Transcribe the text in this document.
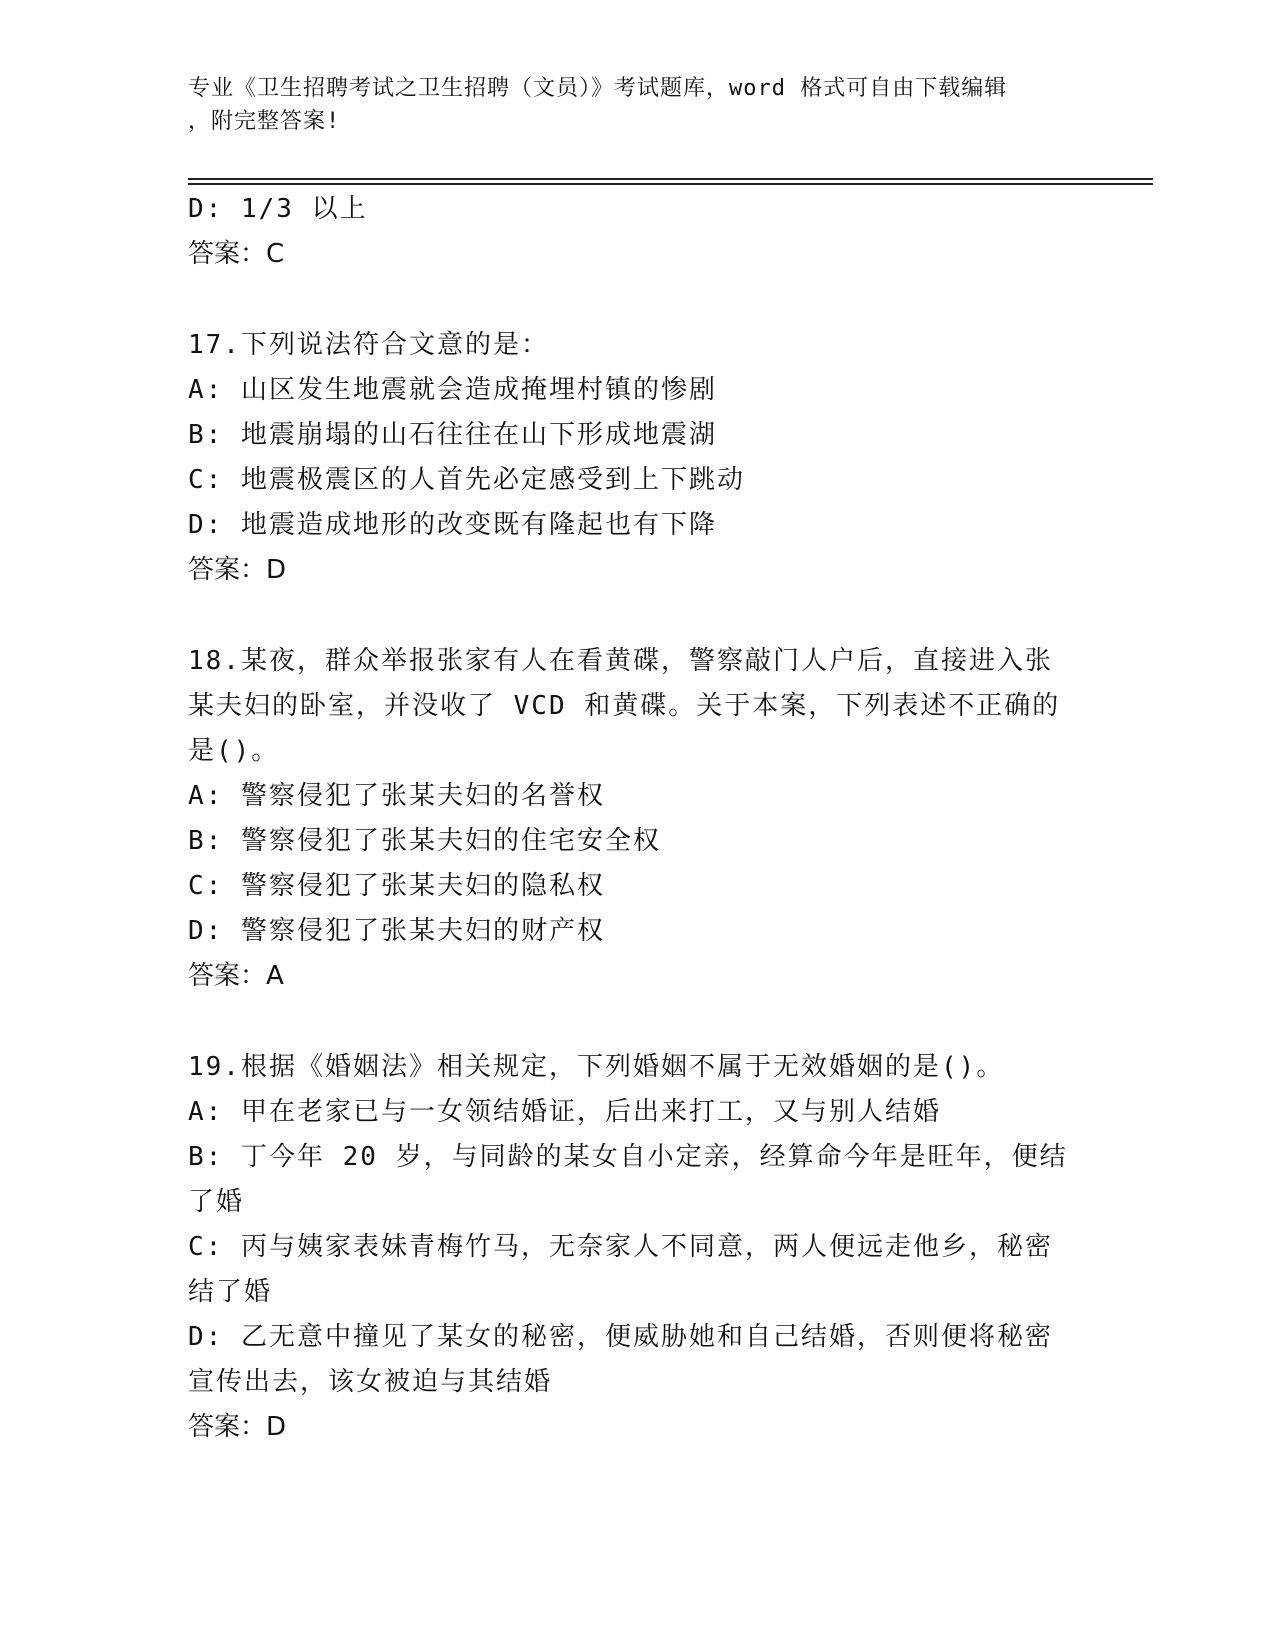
专业《卫生招聘考试之卫生招聘（文员）》考试题库，word 格式可自由下载编辑
，附完整答案!
D: 1/3 以上
答案：C
17.下列说法符合文意的是：
A: 山区发生地震就会造成掩埋村镇的惨剧
B: 地震崩塌的山石往往在山下形成地震湖
C: 地震极震区的人首先必定感受到上下跳动
D: 地震造成地形的改变既有隆起也有下降
答案：D
18.某夜，群众举报张家有人在看黄碟，警察敲门人户后，直接进入张
某夫妇的卧室，并没收了 VCD 和黄碟。关于本案，下列表述不正确的
是()。
A: 警察侵犯了张某夫妇的名誉权
B: 警察侵犯了张某夫妇的住宅安全权
C: 警察侵犯了张某夫妇的隐私权
D: 警察侵犯了张某夫妇的财产权
答案：A
19.根据《婚姻法》相关规定，下列婚姻不属于无效婚姻的是()。
A: 甲在老家已与一女领结婚证，后出来打工，又与别人结婚
B: 丁今年 20 岁，与同龄的某女自小定亲，经算命今年是旺年，便结
了婚
C: 丙与姨家表妹青梅竹马，无奈家人不同意，两人便远走他乡，秘密
结了婚
D: 乙无意中撞见了某女的秘密，便威胁她和自己结婚，否则便将秘密
宣传出去，该女被迫与其结婚
答案：D
